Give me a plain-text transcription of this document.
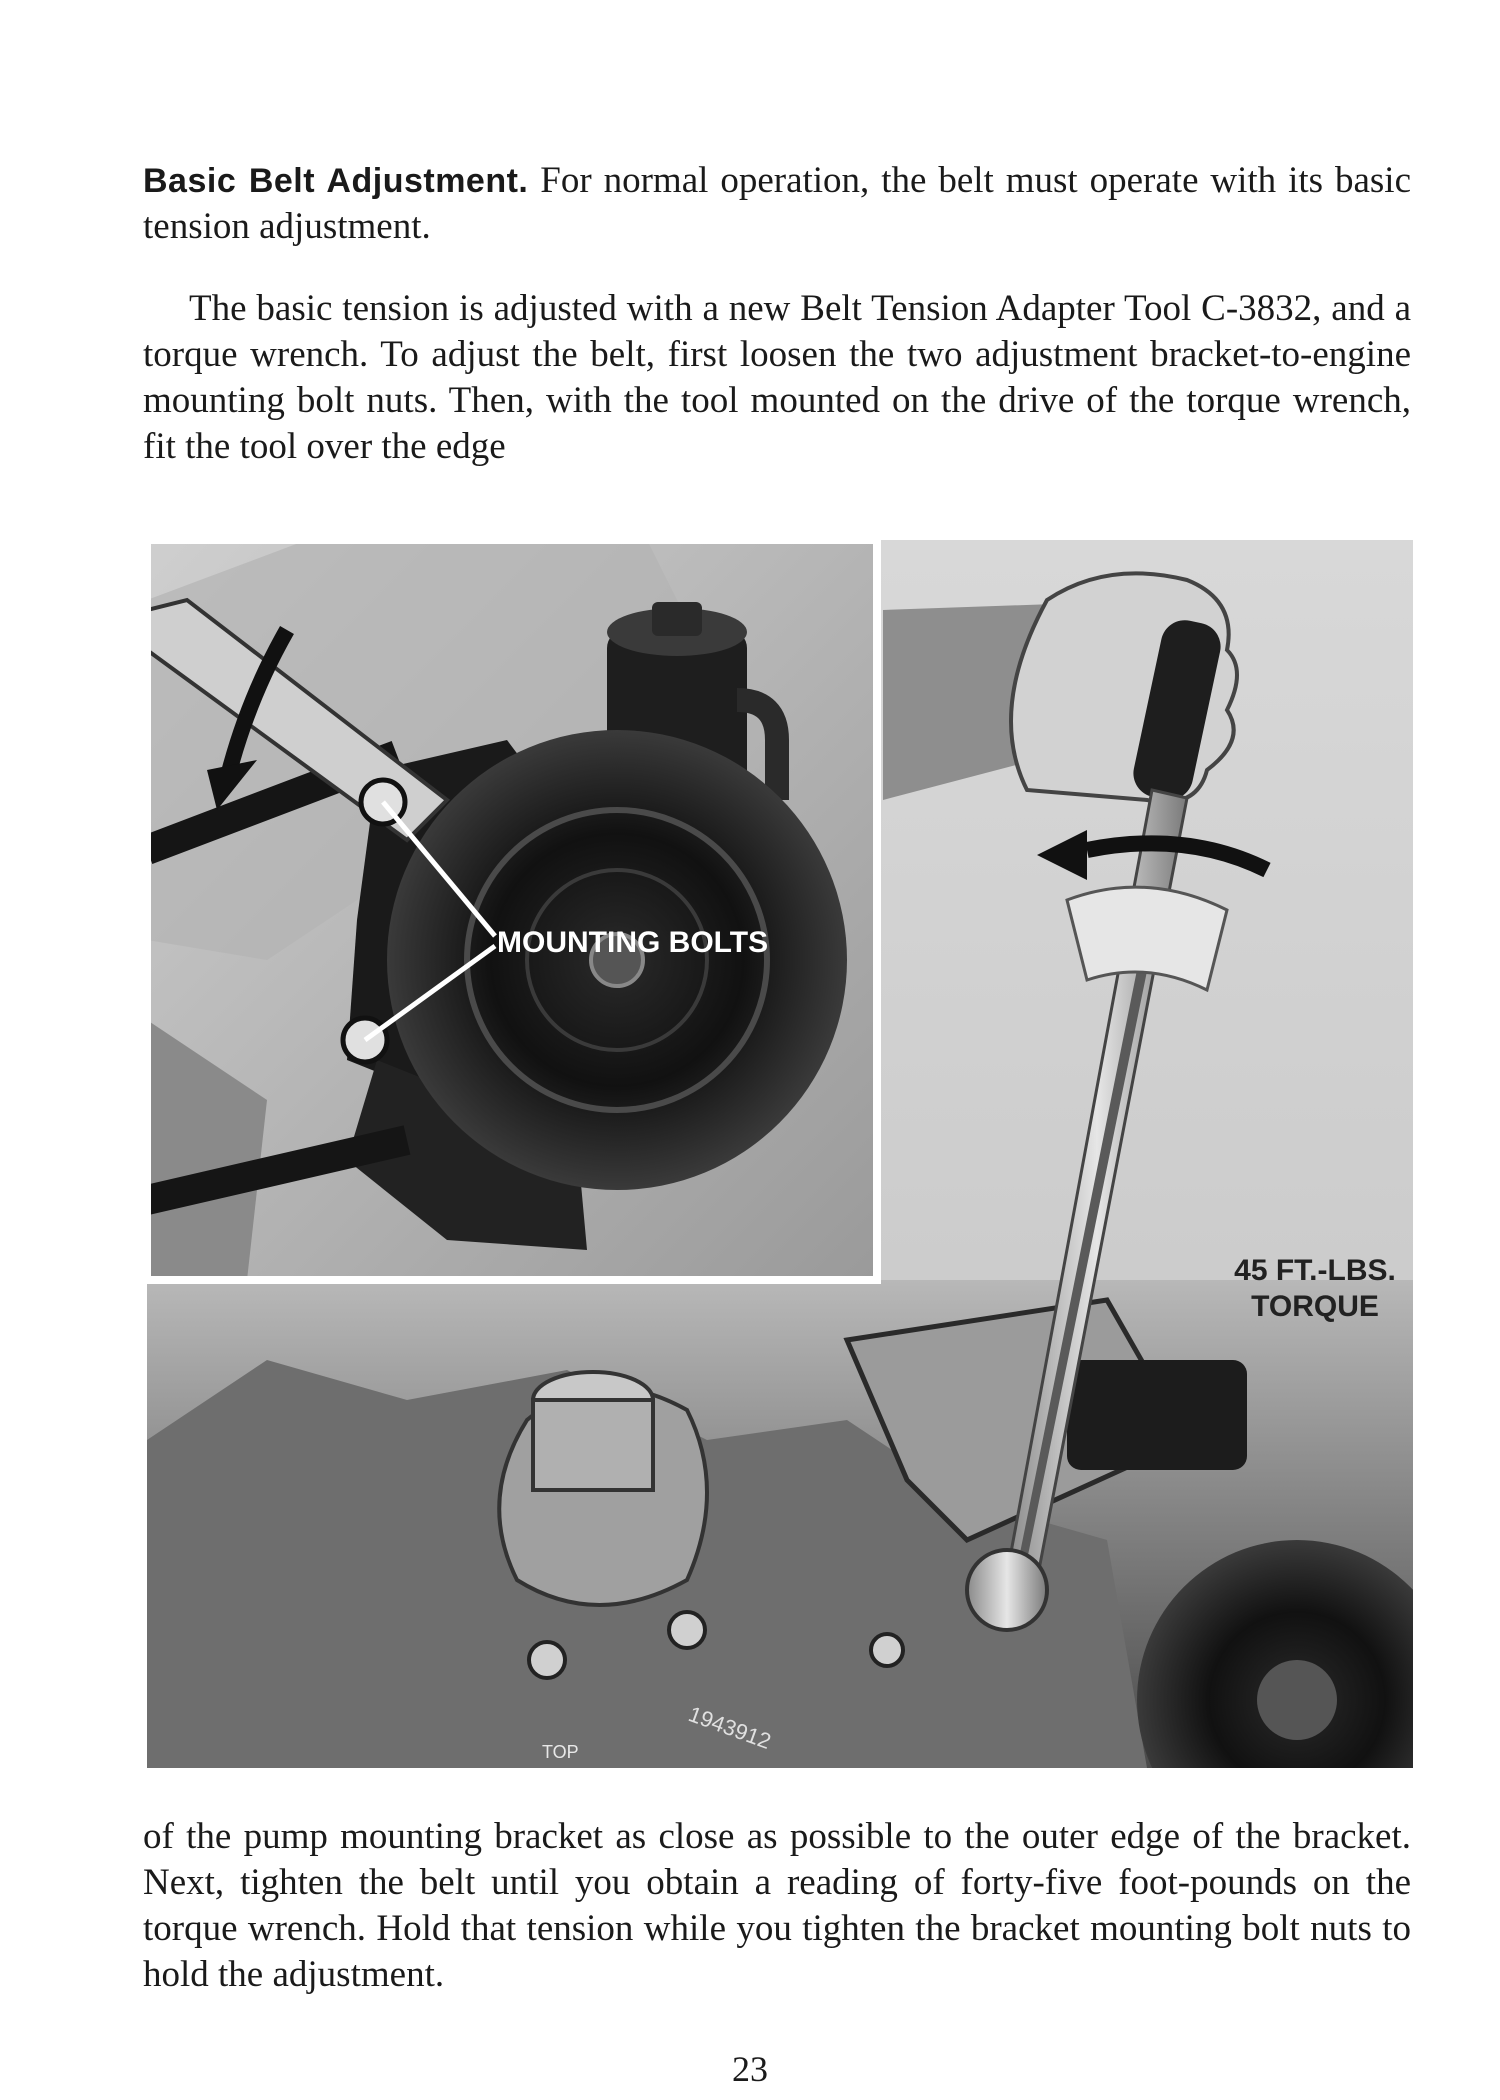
Basic Belt Adjustment. For normal operation, the belt must operate with its basic tension adjustment.

The basic tension is adjusted with a new Belt Tension Adapter Tool C-3832, and a torque wrench. To adjust the belt, first loosen the two adjustment bracket-to-engine mounting bolt nuts. Then, with the tool mounted on the drive of the torque wrench, fit the tool over the edge

1943912
TOP
MOUNTING BOLTS
45 FT.-LBS.
TORQUE

of the pump mounting bracket as close as possible to the outer edge of the bracket. Next, tighten the belt until you obtain a reading of forty-five foot-pounds on the torque wrench. Hold that tension while you tighten the bracket mounting bolt nuts to hold the adjustment.

23
